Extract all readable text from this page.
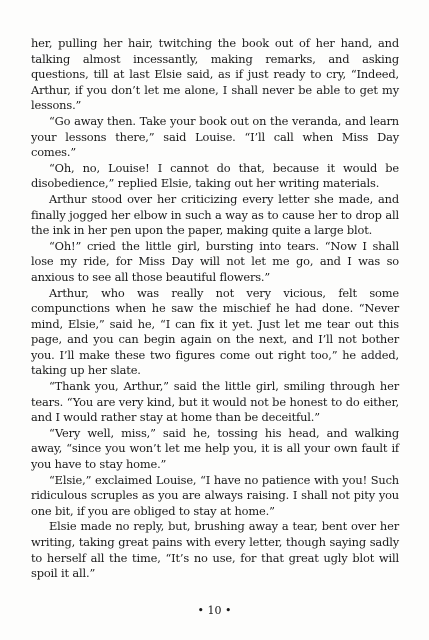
her, pulling her hair, twitching the book out of her hand, and talking almost incessantly, making remarks, and asking questions, till at last Elsie said, as if just ready to cry, “Indeed, Arthur, if you don’t let me alone, I shall never be able to get my lessons.”

“Go away then. Take your book out on the veranda, and learn your lessons there,” said Louise. “I’ll call when Miss Day comes.”

“Oh, no, Louise! I cannot do that, because it would be disobedience,” replied Elsie, taking out her writing materials.

Arthur stood over her criticizing every letter she made, and finally jogged her elbow in such a way as to cause her to drop all the ink in her pen upon the paper, making quite a large blot.

“Oh!” cried the little girl, bursting into tears. “Now I shall lose my ride, for Miss Day will not let me go, and I was so anxious to see all those beautiful flowers.”

Arthur, who was really not very vicious, felt some compunctions when he saw the mischief he had done. “Never mind, Elsie,” said he, “I can fix it yet. Just let me tear out this page, and you can begin again on the next, and I’ll not bother you. I’ll make these two figures come out right too,” he added, taking up her slate.

“Thank you, Arthur,” said the little girl, smiling through her tears. “You are very kind, but it would not be honest to do either, and I would rather stay at home than be deceitful.”

“Very well, miss,” said he, tossing his head, and walking away, “since you won’t let me help you, it is all your own fault if you have to stay home.”

“Elsie,” exclaimed Louise, “I have no patience with you! Such ridiculous scruples as you are always raising. I shall not pity you one bit, if you are obliged to stay at home.”

Elsie made no reply, but, brushing away a tear, bent over her writing, taking great pains with every letter, though saying sadly to herself all the time, “It’s no use, for that great ugly blot will spoil it all.”

• 10 •
